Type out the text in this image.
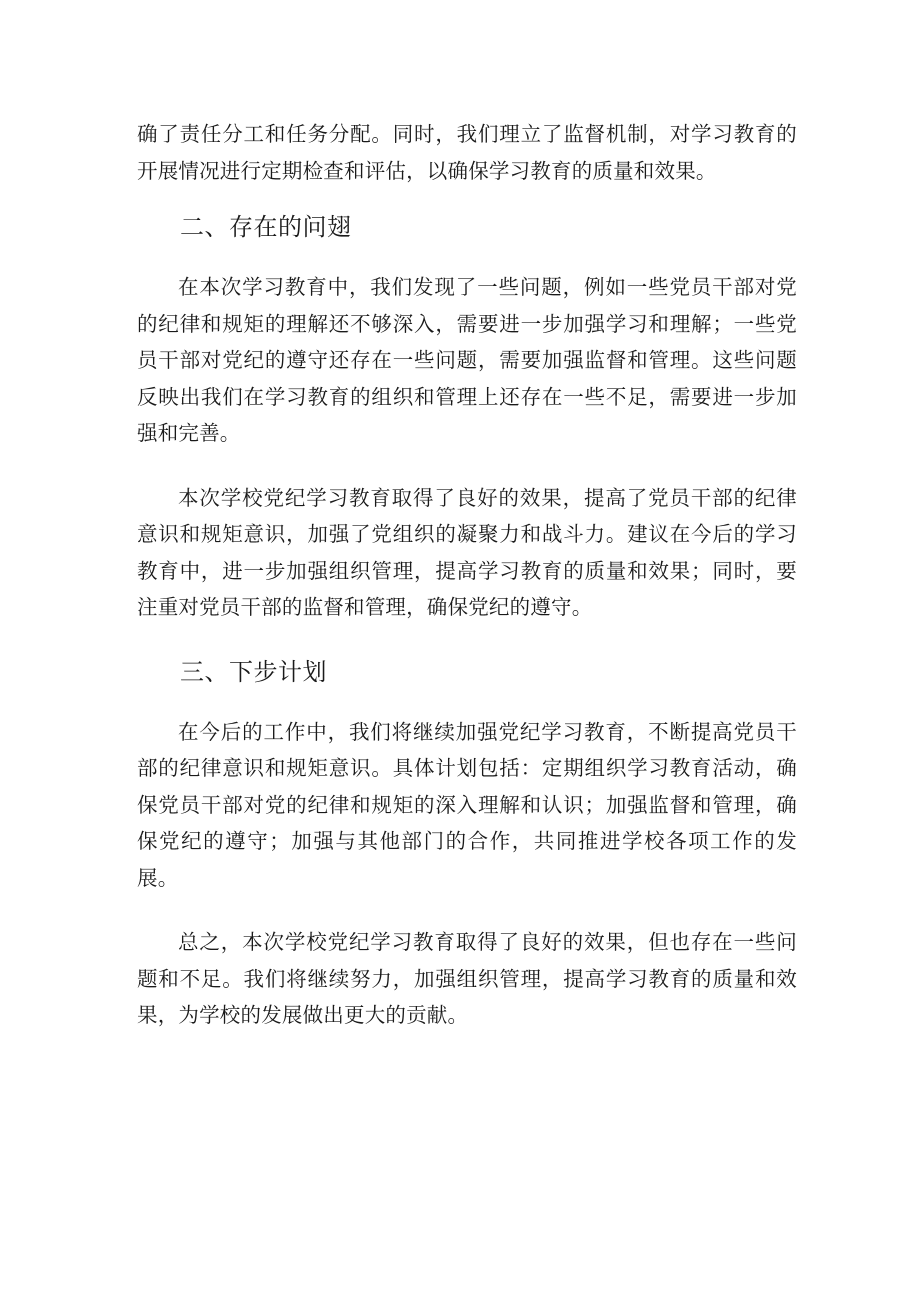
确了责任分工和任务分配。同时，我们理立了监督机制，对学习教育的开展情况进行定期检查和评估，以确保学习教育的质量和效果。

二、存在的问翅

在本次学习教育中，我们发现了一些问题，例如一些党员干部对党的纪律和规矩的理解还不够深入，需要进一步加强学习和理解；一些党员干部对党纪的遵守还存在一些问题，需要加强监督和管理。这些问题反映出我们在学习教育的组织和管理上还存在一些不足，需要进一步加强和完善。

本次学校党纪学习教育取得了良好的效果，提高了党员干部的纪律意识和规矩意识，加强了党组织的凝聚力和战斗力。建议在今后的学习教育中，进一步加强组织管理，提高学习教育的质量和效果；同时，要注重对党员干部的监督和管理，确保党纪的遵守。

三、下步计划

在今后的工作中，我们将继续加强党纪学习教育，不断提高党员干部的纪律意识和规矩意识。具体计划包括：定期组织学习教育活动，确保党员干部对党的纪律和规矩的深入理解和认识；加强监督和管理，确保党纪的遵守；加强与其他部门的合作，共同推进学校各项工作的发展。

总之，本次学校党纪学习教育取得了良好的效果，但也存在一些问题和不足。我们将继续努力，加强组织管理，提高学习教育的质量和效果，为学校的发展做出更大的贡献。
